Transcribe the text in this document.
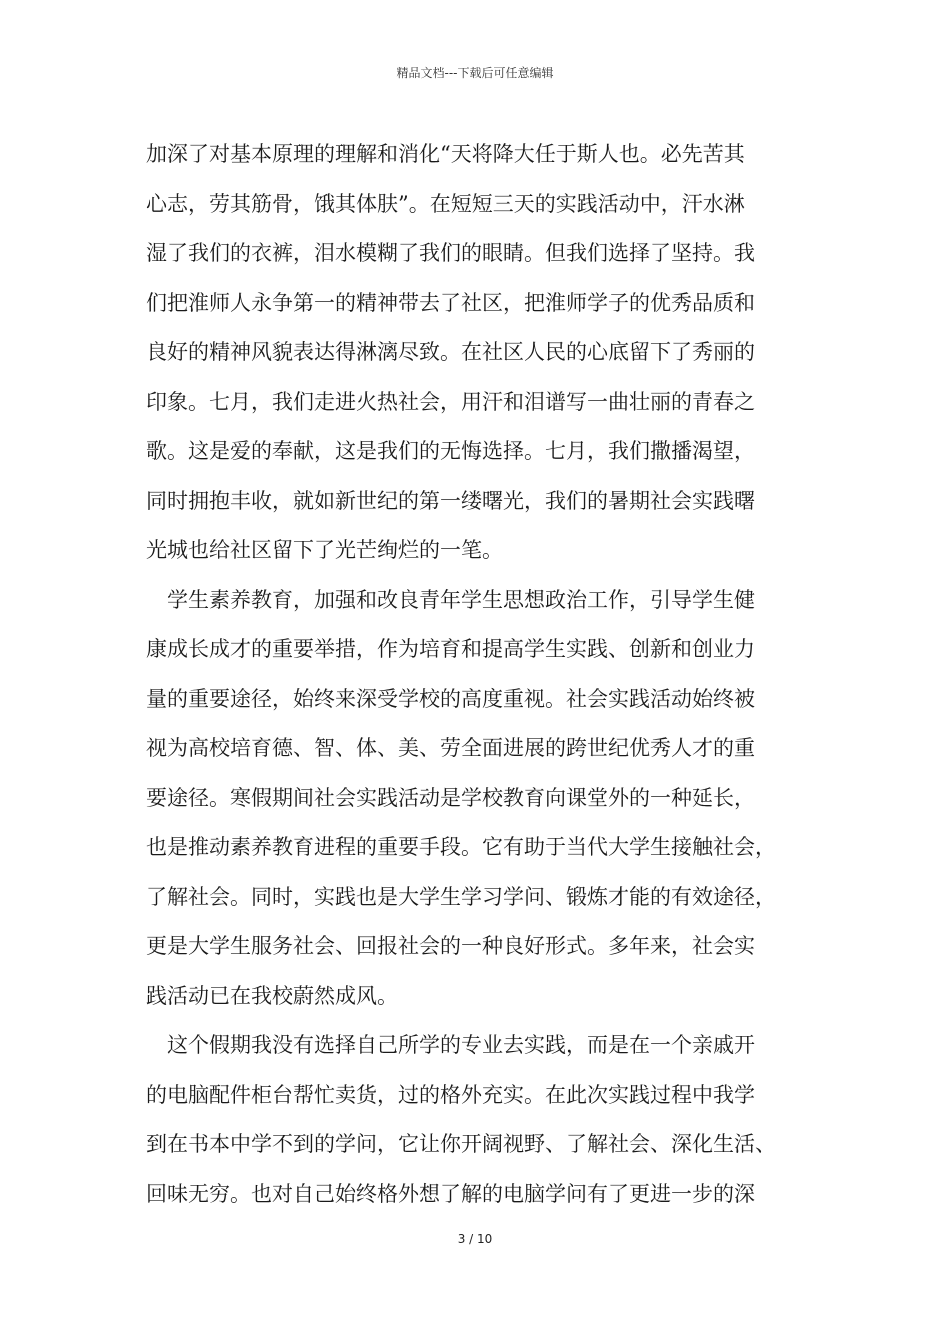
精品文档---下载后可任意编辑
加深了对基本原理的理解和消化“天将降大任于斯人也。必先苦其
心志，劳其筋骨，饿其体肤”。在短短三天的实践活动中，汗水淋
湿了我们的衣裤，泪水模糊了我们的眼睛。但我们选择了坚持。我
们把淮师人永争第一的精神带去了社区，把淮师学子的优秀品质和
良好的精神风貌表达得淋漓尽致。在社区人民的心底留下了秀丽的
印象。七月，我们走进火热社会，用汗和泪谱写一曲壮丽的青春之
歌。这是爱的奉献，这是我们的无悔选择。七月，我们撒播渴望，
同时拥抱丰收，就如新世纪的第一缕曙光，我们的暑期社会实践曙
光城也给社区留下了光芒绚烂的一笔。
学生素养教育，加强和改良青年学生思想政治工作，引导学生健
康成长成才的重要举措，作为培育和提高学生实践、创新和创业力
量的重要途径，始终来深受学校的高度重视。社会实践活动始终被
视为高校培育德、智、体、美、劳全面进展的跨世纪优秀人才的重
要途径。寒假期间社会实践活动是学校教育向课堂外的一种延长，
也是推动素养教育进程的重要手段。它有助于当代大学生接触社会，
了解社会。同时，实践也是大学生学习学问、锻炼才能的有效途径，
更是大学生服务社会、回报社会的一种良好形式。多年来，社会实
践活动已在我校蔚然成风。
这个假期我没有选择自己所学的专业去实践，而是在一个亲戚开
的电脑配件柜台帮忙卖货，过的格外充实。在此次实践过程中我学
到在书本中学不到的学问，它让你开阔视野、了解社会、深化生活、
回味无穷。也对自己始终格外想了解的电脑学问有了更进一步的深
3 / 10
